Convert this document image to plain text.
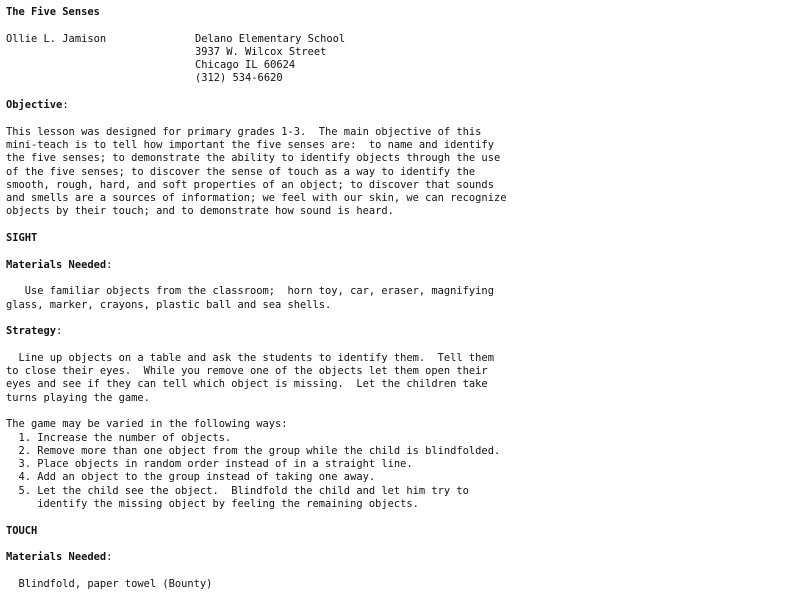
The Five Senses
Ollie L. Jamison	Delano Elementary School
3937 W. Wilcox Street
Chicago IL 60624
(312) 534-6620
Objective:
This lesson was designed for primary grades 1-3.  The main objective of this
mini-teach is to tell how important the five senses are:  to name and identify
the five senses; to demonstrate the ability to identify objects through the use
of the five senses; to discover the sense of touch as a way to identify the
smooth, rough, hard, and soft properties of an object; to discover that sounds
and smells are a sources of information; we feel with our skin, we can recognize
objects by their touch; and to demonstrate how sound is heard.
SIGHT
Materials Needed:
Use familiar objects from the classroom;  horn toy, car, eraser, magnifying
glass, marker, crayons, plastic ball and sea shells.
Strategy:
Line up objects on a table and ask the students to identify them.  Tell them
to close their eyes.  While you remove one of the objects let them open their
eyes and see if they can tell which object is missing.  Let the children take
turns playing the game.
The game may be varied in the following ways:
1. Increase the number of objects.
2. Remove more than one object from the group while the child is blindfolded.
3. Place objects in random order instead of in a straight line.
4. Add an object to the group instead of taking one away.
5. Let the child see the object.  Blindfold the child and let him try to
identify the missing object by feeling the remaining objects.
TOUCH
Materials Needed:
Blindfold, paper towel (Bounty)
